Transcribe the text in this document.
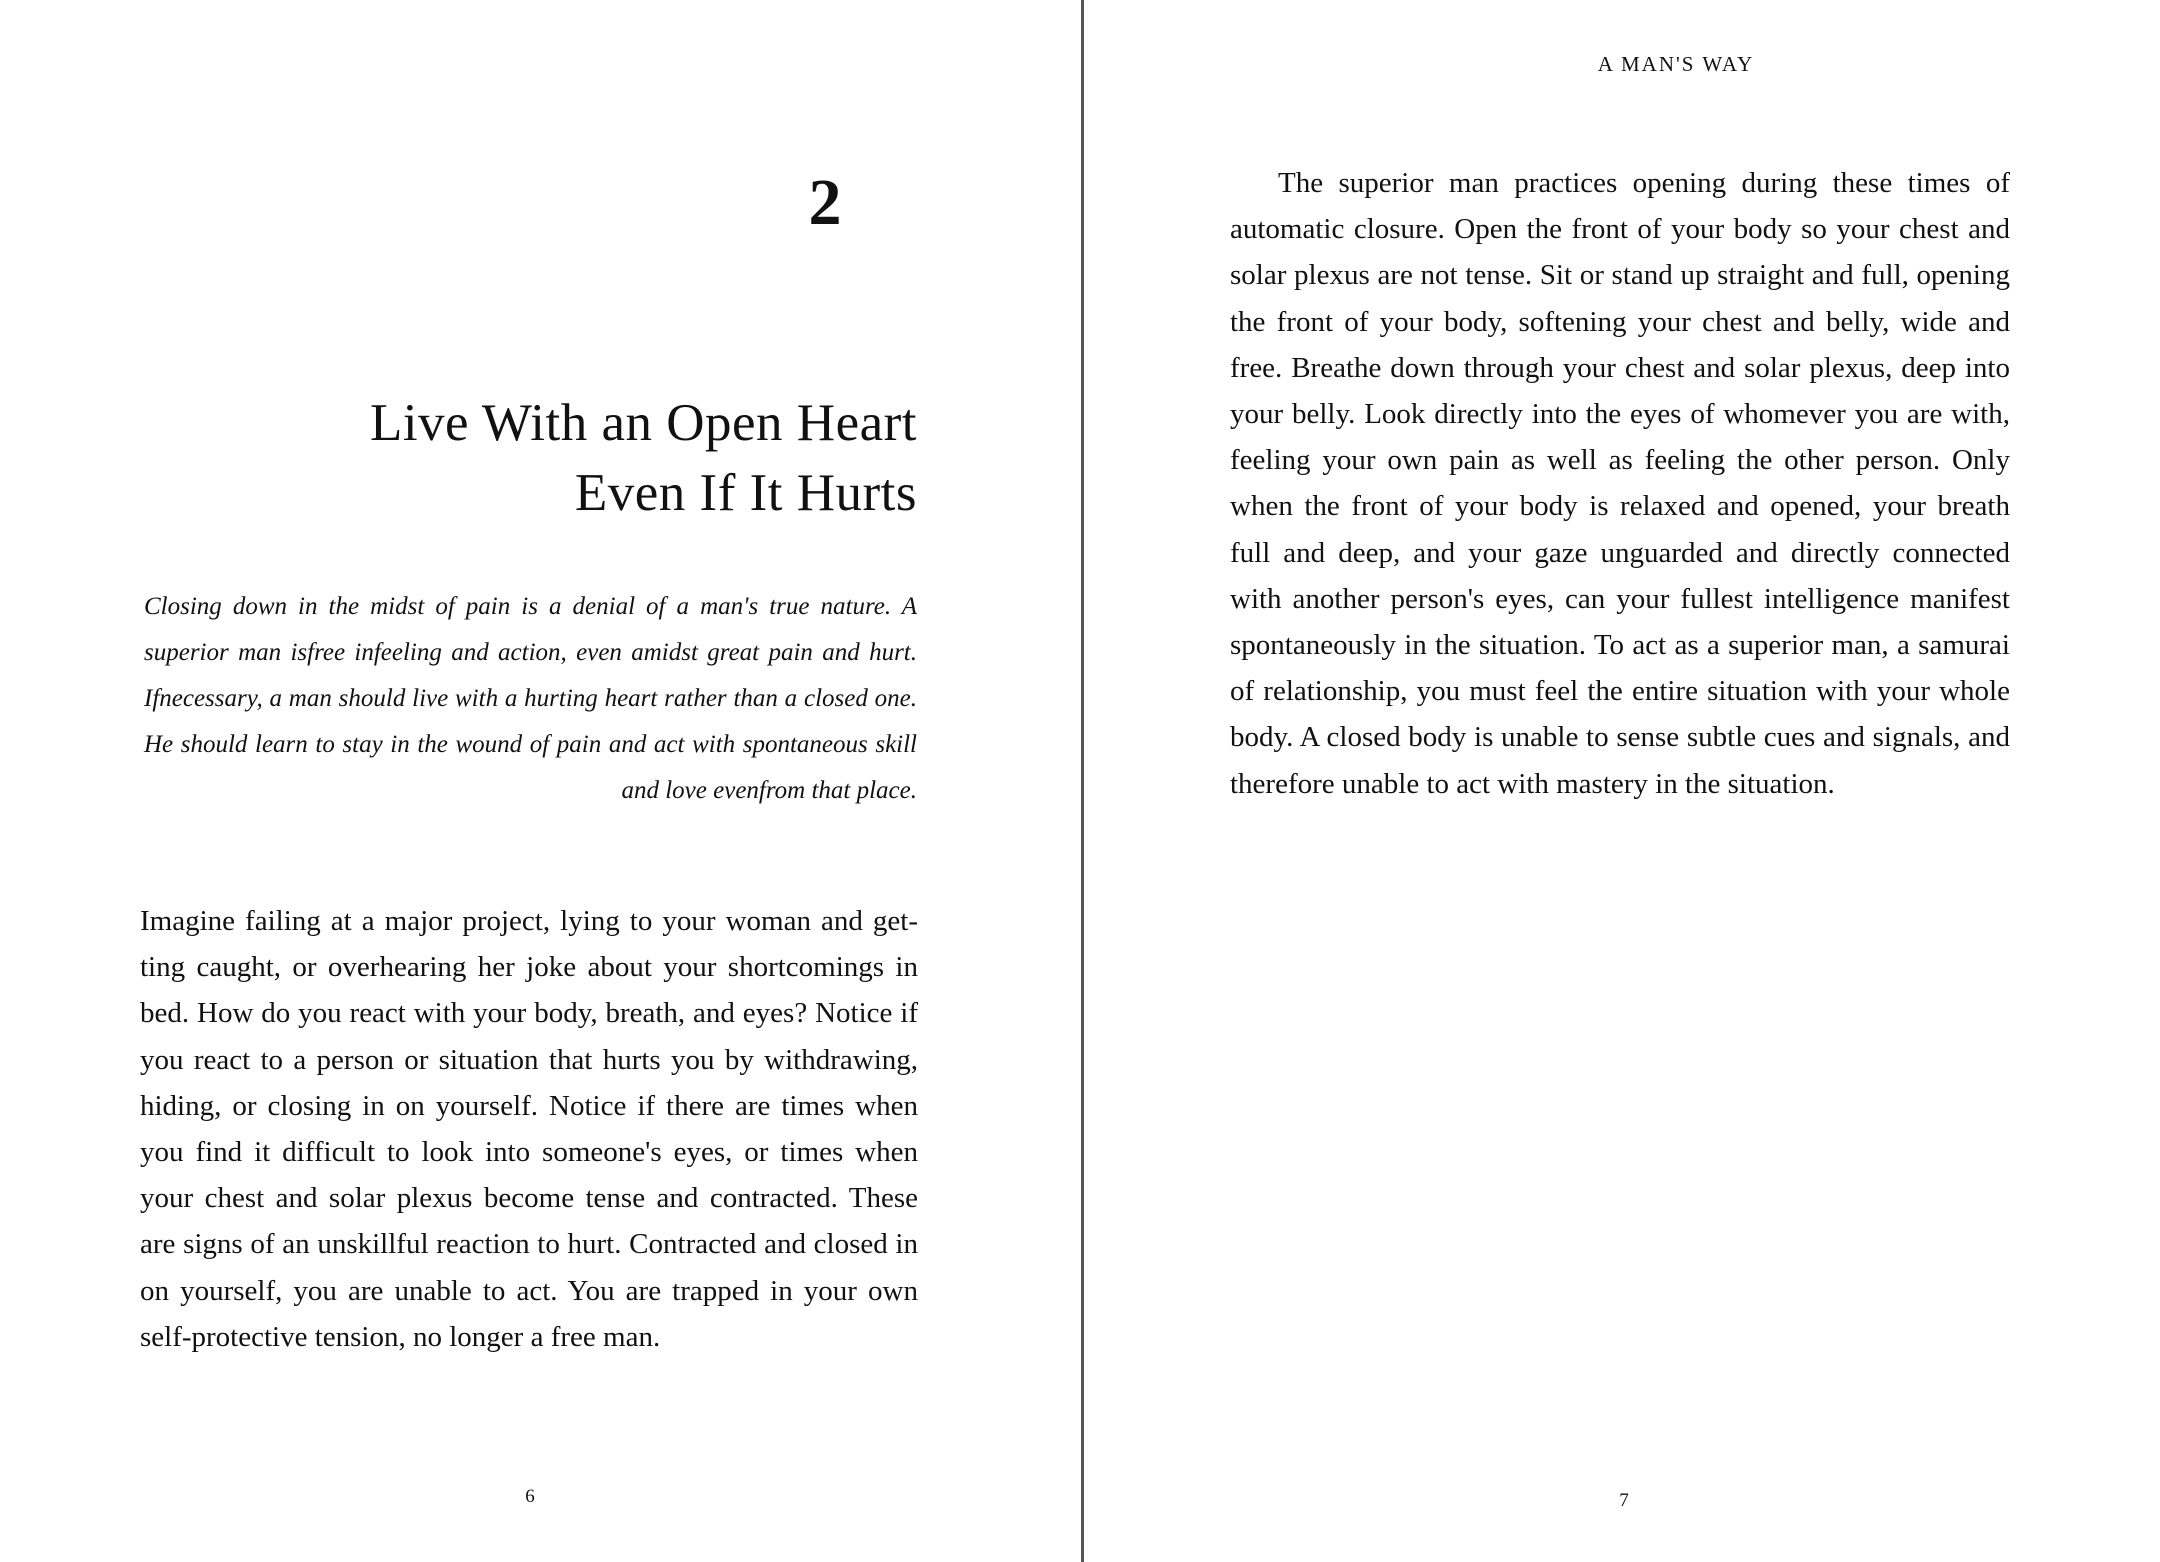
2
Live With an Open Heart
Even If It Hurts

Closing down in the midst of pain is a denial of a man's true nature. A superior man isfree infeeling and action, even amidst great pain and hurt. Ifnecessary, a man should live with a hurting heart rather than a closed one. He should learn to stay in the wound of pain and act with spontaneous skill and love evenfrom that place.

Imagine failing at a major project, lying to your woman and getting caught, or overhearing her joke about your shortcomings in bed. How do you react with your body, breath, and eyes? Notice if you react to a person or situation that hurts you by withdrawing, hiding, or closing in on yourself. Notice if there are times when you find it difficult to look into someone's eyes, or times when your chest and solar plexus become tense and contracted. These are signs of an unskillful reaction to hurt. Contracted and closed in on yourself, you are unable to act. You are trapped in your own self-protective tension, no longer a free man.

6
A MAN'S WAY

The superior man practices opening during these times of automatic closure. Open the front of your body so your chest and solar plexus are not tense. Sit or stand up straight and full, opening the front of your body, softening your chest and belly, wide and free. Breathe down through your chest and solar plexus, deep into your belly. Look directly into the eyes of whomever you are with, feeling your own pain as well as feeling the other person. Only when the front of your body is relaxed and opened, your breath full and deep, and your gaze unguarded and directly connected with another person's eyes, can your fullest intelligence manifest spontaneously in the situation. To act as a superior man, a samurai of relationship, you must feel the entire situation with your whole body. A closed body is unable to sense subtle cues and signals, and therefore unable to act with mastery in the situation.

7
